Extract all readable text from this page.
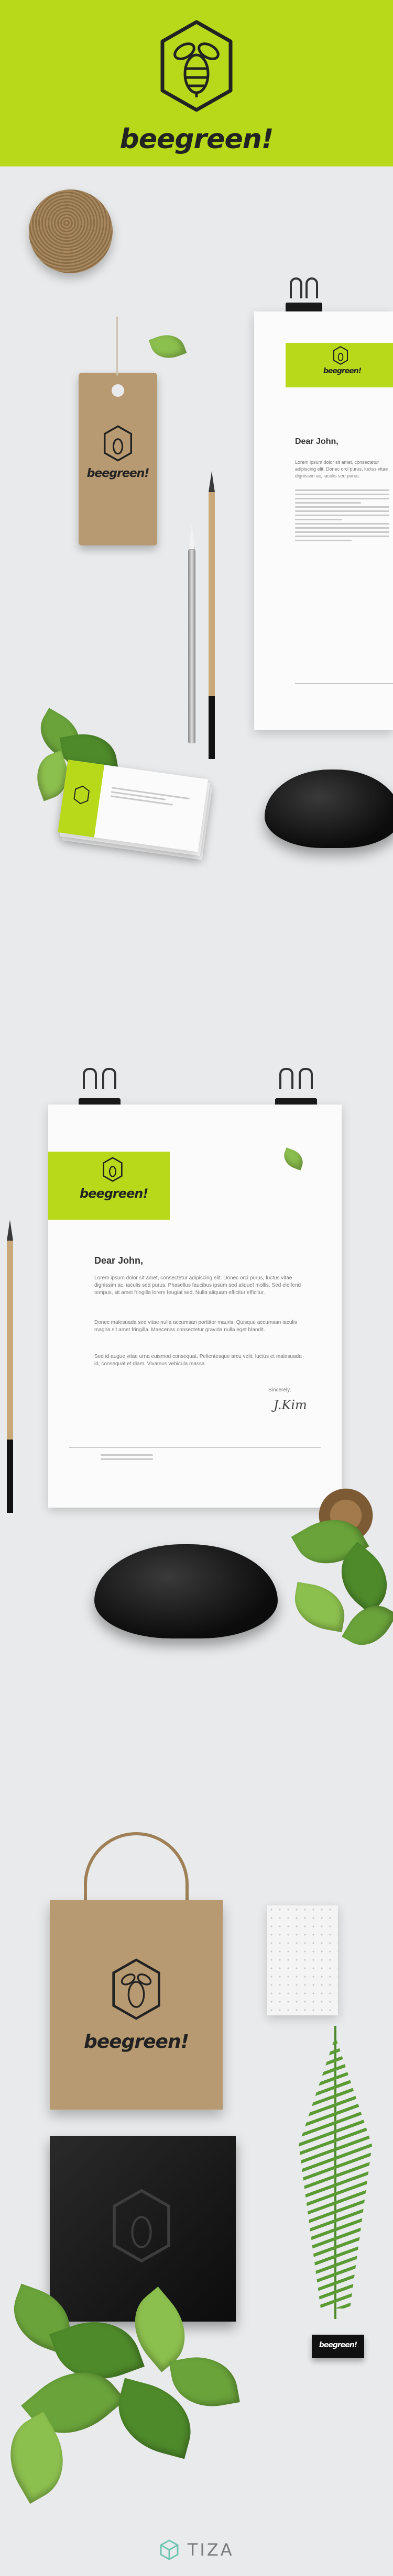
beegreen!
beegreen!
beegreen!
Dear John,
Lorem ipsum dolor sit amet, consectetur adipiscing elit. Donec orci purus, luctus vitae dignissim ac, iaculis sed purus.
beegreen!
Dear John,
Lorem ipsum dolor sit amet, consectetur adipiscing elit. Donec orci purus, luctus vitae dignissim ac, iaculis sed purus. Phasellus faucibus ipsum sed aliquet mollis. Sed eleifend tempus, sit amet fringilla lorem feugiat sed. Nulla aliquam efficitur efficitur.
Donec malesuada sed vitae nulla accumsan porttitor mauris. Quisque accumsan iaculis magna sit amet fringilla. Maecenas consectetur gravida nulla eget blandit.
Sed id augue vitae urna euismod consequat. Pellentesque arcu velit, luctus et malesuada id, consequat et diam. Vivamus vehicula massa.
Sincerely,
J.Kim
beegreen!
beegreen!
TIZA
